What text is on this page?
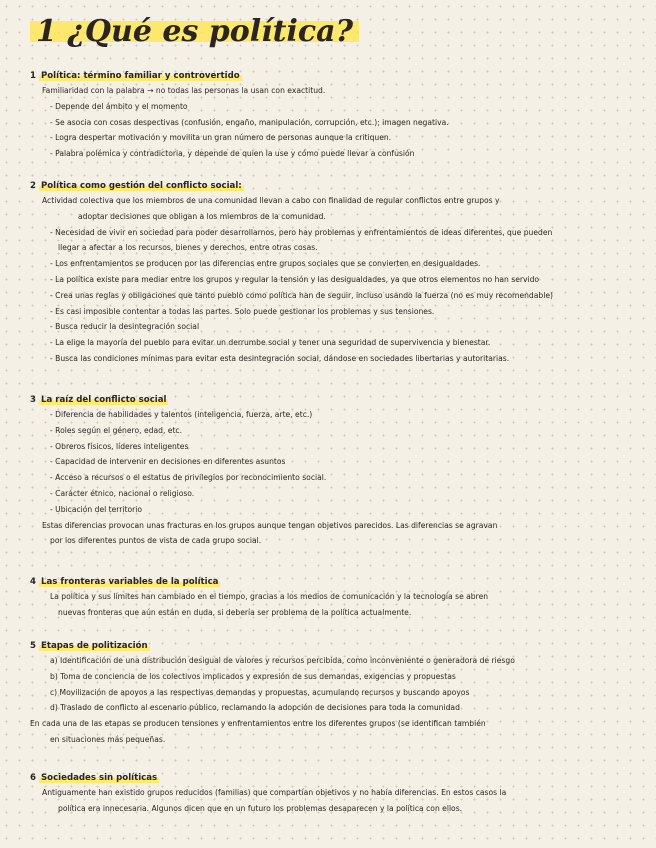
1 ¿Qué es política?
1 Política: término familiar y controvertido
Familiaridad con la palabra → no todas las personas la usan con exactitud.
- Depende del ámbito y el momento
- Se asocia con cosas despectivas (confusión, engaño, manipulación, corrupción, etc.); imagen negativa.
- Logra despertar motivación y movilita un gran número de personas aunque la critiquen.
- Palabra polémica y contradictoria, y depende de quien la use y cómo puede llevar a confusión
2 Política como gestión del conflicto social:
Actividad colectiva que los miembros de una comunidad llevan a cabo con finalidad de regular conflictos entre grupos y
adoptar decisiones que obligan a los miembros de la comunidad.
- Necesidad de vivir en sociedad para poder desarrollarnos, pero hay problemas y enfrentamientos de ideas diferentes, que pueden
llegar a afectar a los recursos, bienes y derechos, entre otras cosas.
- Los enfrentamientos se producen por las diferencias entre grupos sociales que se convierten en desigualdades.
- La política existe para mediar entre los grupos y regular la tensión y las desigualdades, ya que otros elementos no han servido
- Crea unas reglas y obligaciones que tanto pueblo como política han de seguir, incluso usando la fuerza (no es muy recomendable)
- Es casi imposible contentar a todas las partes. Solo puede gestionar los problemas y sus tensiones.
- Busca reducir la desintegración social
- La elige la mayoría del pueblo para evitar un derrumbe social y tener una seguridad de supervivencia y bienestar.
- Busca las condiciones mínimas para evitar esta desintegración social, dándose en sociedades libertarias y autoritarias.
3 La raíz del conflicto social
- Diferencia de habilidades y talentos (inteligencia, fuerza, arte, etc.)
- Roles según el género, edad, etc.
- Obreros físicos, líderes inteligentes
- Capacidad de intervenir en decisiones en diferentes asuntos
- Acceso a recursos o el estatus de privilegios por reconocimiento social.
- Carácter étnico, nacional o religioso.
- Ubicación del territorio
Estas diferencias provocan unas fracturas en los grupos aunque tengan objetivos parecidos. Las diferencias se agravan
por los diferentes puntos de vista de cada grupo social.
4 Las fronteras variables de la política
La política y sus límites han cambiado en el tiempo, gracias a los medios de comunicación y la tecnología se abren
nuevas fronteras que aún están en duda, si debería ser problema de la política actualmente.
5 Etapas de politización
a) Identificación de una distribución desigual de valores y recursos percibida, como inconveniente o generadora de riesgo
b) Toma de conciencia de los colectivos implicados y expresión de sus demandas, exigencias y propuestas
c) Movilización de apoyos a las respectivas demandas y propuestas, acumulando recursos y buscando apoyos
d) Traslado de conflicto al escenario público, reclamando la adopción de decisiones para toda la comunidad
En cada una de las etapas se producen tensiones y enfrentamientos entre los diferentes grupos (se identifican también
en situaciones más pequeñas.
6 Sociedades sin políticas
Antiguamente han existido grupos reducidos (familias) que compartían objetivos y no había diferencias. En estos casos la
política era innecesaria. Algunos dicen que en un futuro los problemas desaparecen y la política con ellos.
